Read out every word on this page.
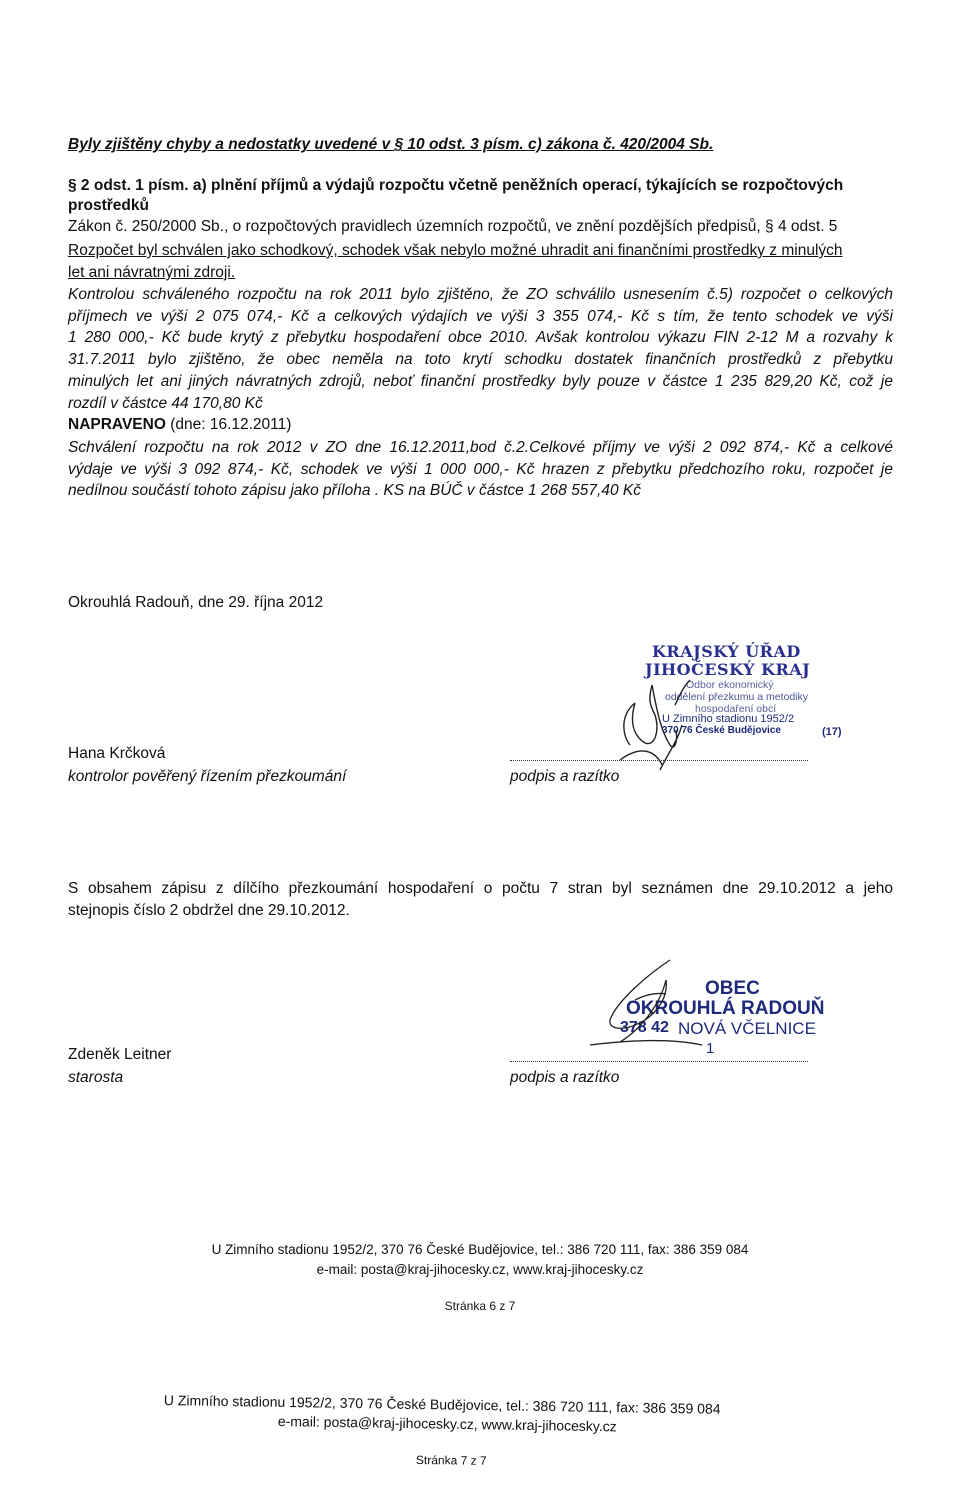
Byly zjištěny chyby a nedostatky uvedené v § 10 odst. 3 písm. c) zákona č. 420/2004 Sb.
§ 2 odst. 1 písm. a) plnění příjmů a výdajů rozpočtu včetně peněžních operací, týkajících se rozpočtových
prostředků
Zákon č. 250/2000 Sb., o rozpočtových pravidlech územních rozpočtů, ve znění pozdějších předpisů, § 4 odst. 5
Rozpočet byl schválen jako schodkový, schodek však nebylo možné uhradit ani finančními prostředky z minulých
let ani návratnými zdroji.
Kontrolou schváleného rozpočtu na rok 2011 bylo zjištěno, že ZO schválilo usnesením č.5) rozpočet o celkových
příjmech ve výši 2 075 074,- Kč a celkových výdajích ve výši 3 355 074,- Kč s tím, že tento schodek ve výši
1 280 000,- Kč bude krytý z přebytku hospodaření obce 2010. Avšak kontrolou výkazu FIN 2-12 M a rozvahy k
31.7.2011 bylo zjištěno, že obec neměla na toto krytí schodku dostatek finančních prostředků z přebytku
minulých let ani jiných návratných zdrojů, neboť finanční prostředky byly pouze v částce 1 235 829,20 Kč, což je
rozdíl v částce 44 170,80 Kč
NAPRAVENO (dne: 16.12.2011)
Schválení rozpočtu na rok 2012 v ZO dne 16.12.2011,bod č.2.Celkové příjmy ve výši 2 092 874,- Kč a celkové
výdaje ve výši 3 092 874,- Kč, schodek ve výši 1 000 000,- Kč hrazen z přebytku předchozího roku, rozpočet je
nedílnou součástí tohoto zápisu jako příloha . KS na BÚČ v částce 1 268 557,40 Kč
Okrouhlá Radouň, dne 29. října 2012
KRAJSKÝ ÚŘAD
JIHOČESKÝ KRAJ
Odbor ekonomický
oddělení přezkumu a metodiky
hospodaření obcí
U Zimního stadionu 1952/2
370 76 České Budějovice	(17)
Hana Krčková
kontrolor pověřený řízením přezkoumání	podpis a razítko
S obsahem zápisu z dílčího přezkoumání hospodaření o počtu 7 stran byl seznámen dne 29.10.2012 a jeho
stejnopis číslo 2 obdržel dne 29.10.2012.
OBEC
OKROUHLÁ RADOUŇ
378 42 NOVÁ VČELNICE
1
Zdeněk Leitner
starosta	podpis a razítko
U Zimního stadionu 1952/2, 370 76 České Budějovice, tel.: 386 720 111, fax: 386 359 084
e-mail: posta@kraj-jihocesky.cz, www.kraj-jihocesky.cz
Stránka 6 z 7
U Zimního stadionu 1952/2, 370 76 České Budějovice, tel.: 386 720 111, fax: 386 359 084
e-mail: posta@kraj-jihocesky.cz, www.kraj-jihocesky.cz
Stránka 7 z 7
